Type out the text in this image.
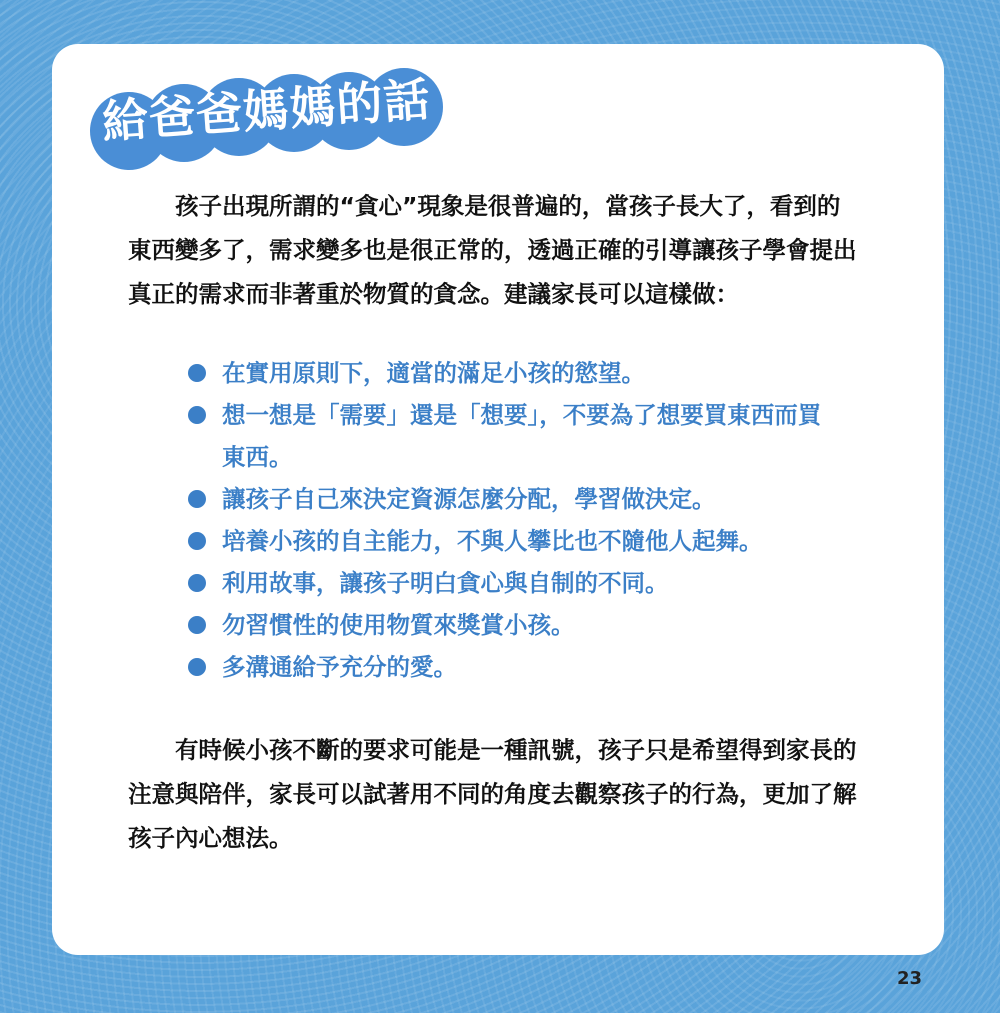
給爸爸媽媽的話
　　孩子出現所謂的“貪心”現象是很普遍的，當孩子長大了，看到的
東西變多了，需求變多也是很正常的，透過正確的引導讓孩子學會提出
真正的需求而非著重於物質的貪念。建議家長可以這樣做：
在實用原則下，適當的滿足小孩的慾望。
想一想是「需要」還是「想要」，不要為了想要買東西而買
東西。
讓孩子自己來決定資源怎麼分配，學習做決定。
培養小孩的自主能力，不與人攀比也不隨他人起舞。
利用故事，讓孩子明白貪心與自制的不同。
勿習慣性的使用物質來獎賞小孩。
多溝通給予充分的愛。
　　有時候小孩不斷的要求可能是一種訊號，孩子只是希望得到家長的
注意與陪伴，家長可以試著用不同的角度去觀察孩子的行為，更加了解
孩子內心想法。
23
